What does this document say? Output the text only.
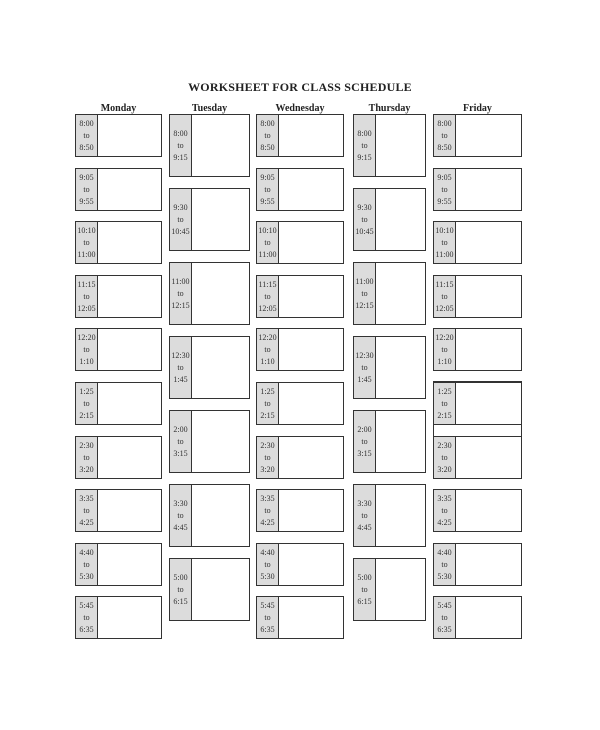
WORKSHEET FOR CLASS SCHEDULE
Monday
8:00
to
8:50
9:05
to
9:55
10:10
to
11:00
11:15
to
12:05
12:20
to
1:10
1:25
to
2:15
2:30
to
3:20
3:35
to
4:25
4:40
to
5:30
5:45
to
6:35
Tuesday
8:00
to
9:15
9:30
to
10:45
11:00
to
12:15
12:30
to
1:45
2:00
to
3:15
3:30
to
4:45
5:00
to
6:15
Wednesday
8:00
to
8:50
9:05
to
9:55
10:10
to
11:00
11:15
to
12:05
12:20
to
1:10
1:25
to
2:15
2:30
to
3:20
3:35
to
4:25
4:40
to
5:30
5:45
to
6:35
Thursday
8:00
to
9:15
9:30
to
10:45
11:00
to
12:15
12:30
to
1:45
2:00
to
3:15
3:30
to
4:45
5:00
to
6:15
Friday
8:00
to
8:50
9:05
to
9:55
10:10
to
11:00
11:15
to
12:05
12:20
to
1:10
1:25
to
2:15
2:30
to
3:20
3:35
to
4:25
4:40
to
5:30
5:45
to
6:35
